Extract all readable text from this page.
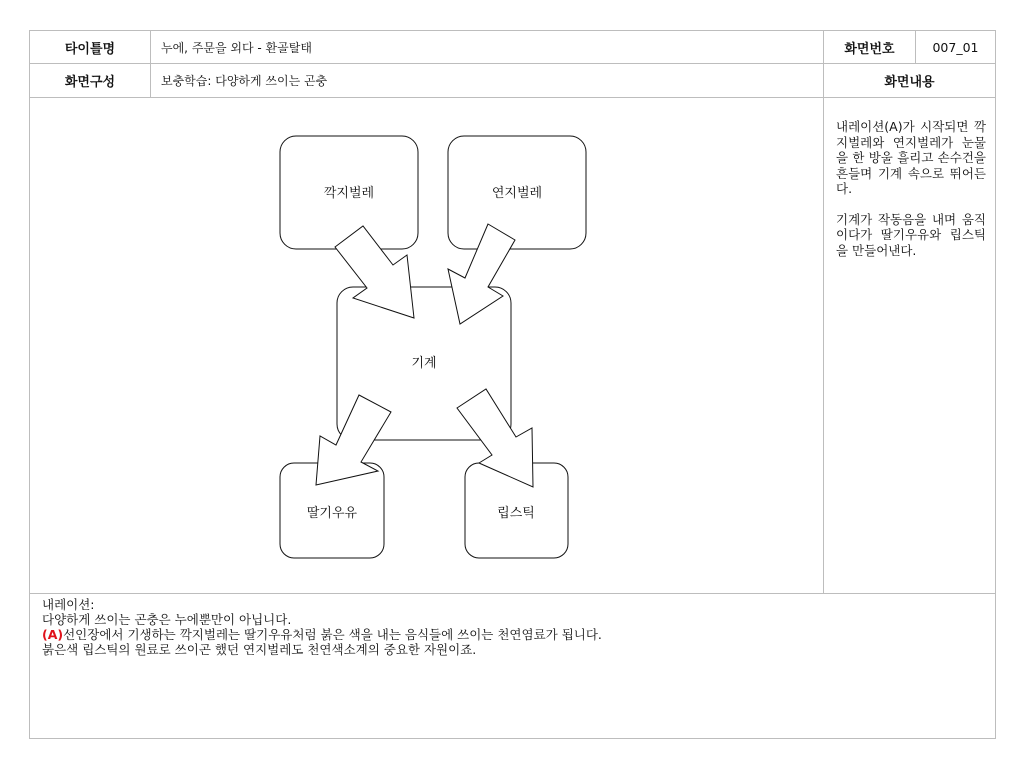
타이틀명	누에, 주문을 외다 - 환골탈태	화면번호	007_01
화면구성	보충학습: 다양하게 쓰이는 곤충	화면내용

내레이션(A)가 시작되면 깍지벌레와 연지벌레가 눈물을 한 방울 흘리고 손수건을 흔들며 기계 속으로 뛰어든다.

기계가 작동음을 내며 움직이다가 딸기우유와 립스틱을 만들어낸다.

내레이션:
다양하게 쓰이는 곤충은 누에뿐만이 아닙니다.
(A)선인장에서 기생하는 깍지벌레는 딸기우유처럼 붉은 색을 내는 음식들에 쓰이는 천연염료가 됩니다.
붉은색 립스틱의 원료로 쓰이곤 했던 연지벌레도 천연색소계의 중요한 자원이죠.
깍지벌레	연지벌레
기계
딸기우유	립스틱
